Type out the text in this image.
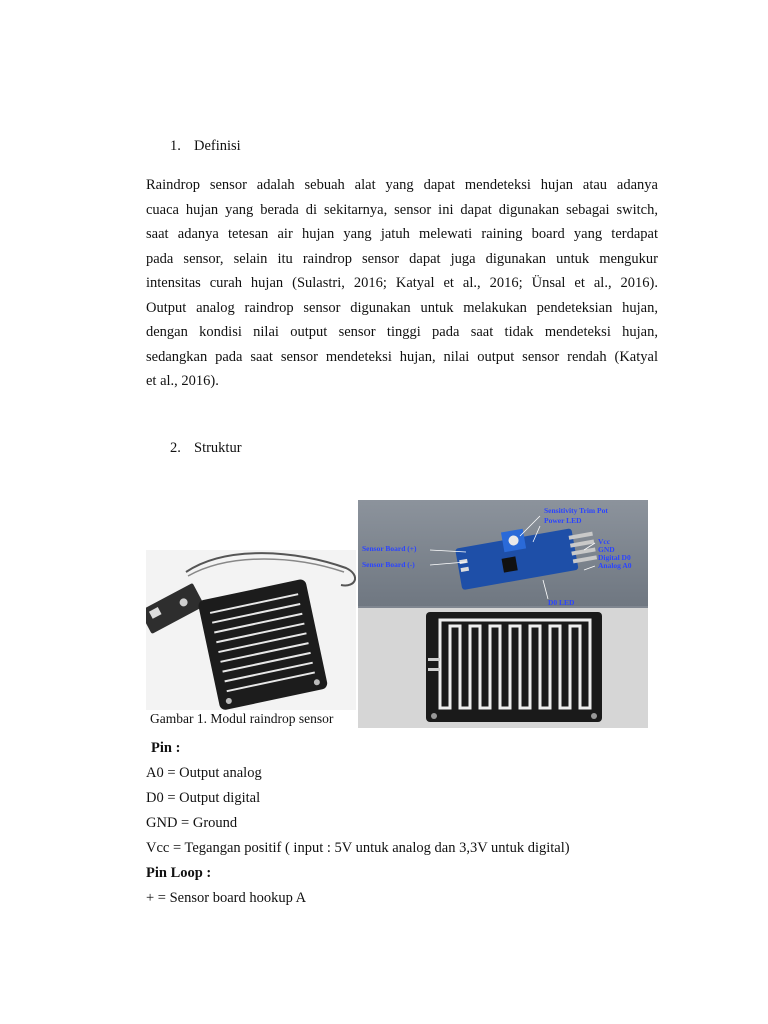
1. Definisi
Raindrop sensor adalah sebuah alat yang dapat mendeteksi hujan atau adanya
cuaca hujan yang berada di sekitarnya, sensor ini dapat digunakan sebagai switch,
saat adanya tetesan air hujan yang jatuh melewati raining board yang terdapat
pada sensor, selain itu raindrop sensor dapat juga digunakan untuk mengukur
intensitas curah hujan (Sulastri, 2016; Katyal et al., 2016; Ünsal et al., 2016).
Output analog raindrop sensor digunakan untuk melakukan pendeteksian hujan,
dengan kondisi nilai output sensor tinggi pada saat tidak mendeteksi hujan,
sedangkan pada saat sensor mendeteksi hujan, nilai output sensor rendah (Katyal
et al., 2016).
2. Struktur
Gambar 1. Modul raindrop sensor
Sensitivity Trim Pot
Power LED
Vcc
GND
Digital D0
Analog A0
Sensor Board (+)
Sensor Board (-)
D0 LED
Pin :
A0 = Output analog
D0 = Output digital
GND = Ground
Vcc = Tegangan positif ( input : 5V untuk analog dan 3,3V untuk digital)
Pin Loop :
+ = Sensor board hookup A
